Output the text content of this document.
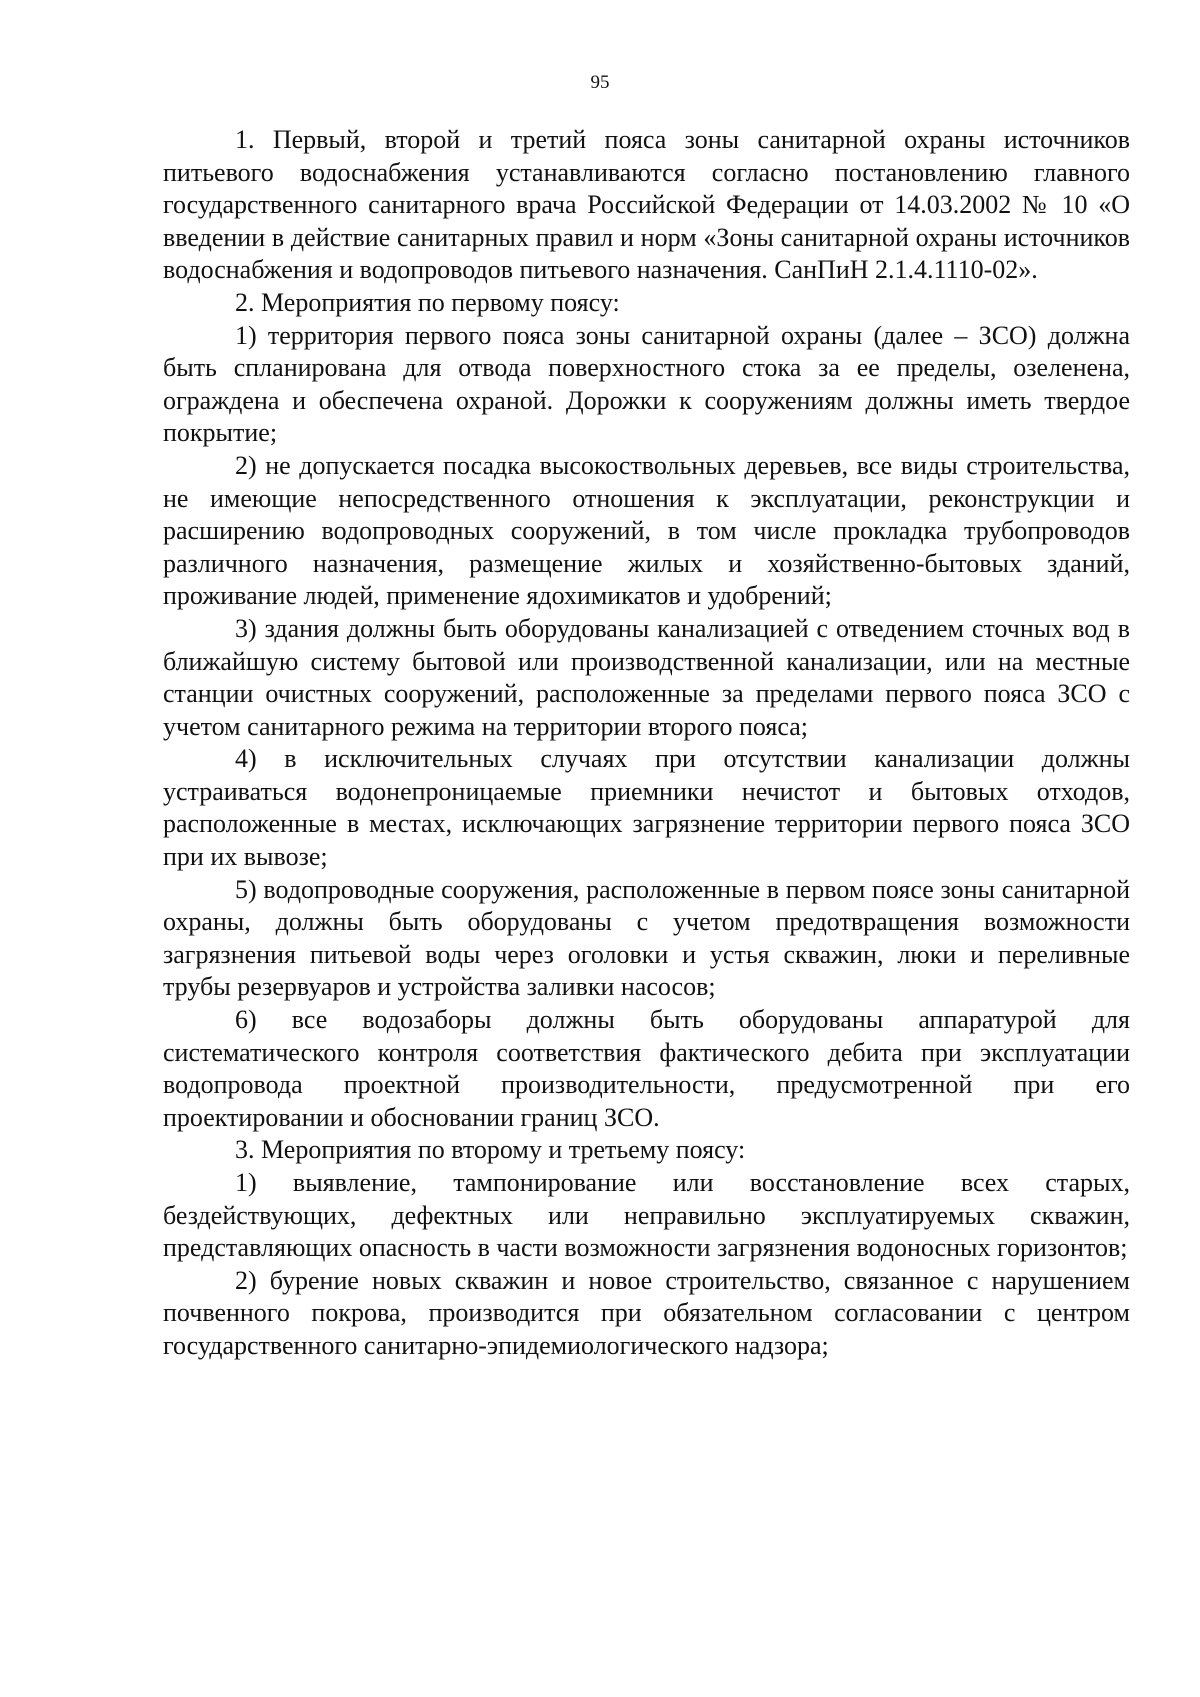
95

1. Первый, второй и третий пояса зоны санитарной охраны источников питьевого водоснабжения устанавливаются согласно постановлению главного государственного санитарного врача Российской Федерации от 14.03.2002 № 10 «О введении в действие санитарных правил и норм «Зоны санитарной охраны источников водоснабжения и водопроводов питьевого назначения. СанПиН 2.1.4.1110-02».

2. Мероприятия по первому поясу:

1) территория первого пояса зоны санитарной охраны (далее – ЗСО) должна быть спланирована для отвода поверхностного стока за ее пределы, озеленена, ограждена и обеспечена охраной. Дорожки к сооружениям должны иметь твердое покрытие;

2) не допускается посадка высокоствольных деревьев, все виды строительства, не имеющие непосредственного отношения к эксплуатации, реконструкции и расширению водопроводных сооружений, в том числе прокладка трубопроводов различного назначения, размещение жилых и хозяйственно-бытовых зданий, проживание людей, применение ядохимикатов и удобрений;

3) здания должны быть оборудованы канализацией с отведением сточных вод в ближайшую систему бытовой или производственной канализации, или на местные станции очистных сооружений, расположенные за пределами первого пояса ЗСО с учетом санитарного режима на территории второго пояса;

4) в исключительных случаях при отсутствии канализации должны устраиваться водонепроницаемые приемники нечистот и бытовых отходов, расположенные в местах, исключающих загрязнение территории первого пояса ЗСО при их вывозе;

5) водопроводные сооружения, расположенные в первом поясе зоны санитарной охраны, должны быть оборудованы с учетом предотвращения возможности загрязнения питьевой воды через оголовки и устья скважин, люки и переливные трубы резервуаров и устройства заливки насосов;

6) все водозаборы должны быть оборудованы аппаратурой для систематического контроля соответствия фактического дебита при эксплуатации водопровода проектной производительности, предусмотренной при его проектировании и обосновании границ ЗСО.

3. Мероприятия по второму и третьему поясу:

1) выявление, тампонирование или восстановление всех старых, бездействующих, дефектных или неправильно эксплуатируемых скважин, представляющих опасность в части возможности загрязнения водоносных горизонтов;

2) бурение новых скважин и новое строительство, связанное с нарушением почвенного покрова, производится при обязательном согласовании с центром государственного санитарно-эпидемиологического надзора;
